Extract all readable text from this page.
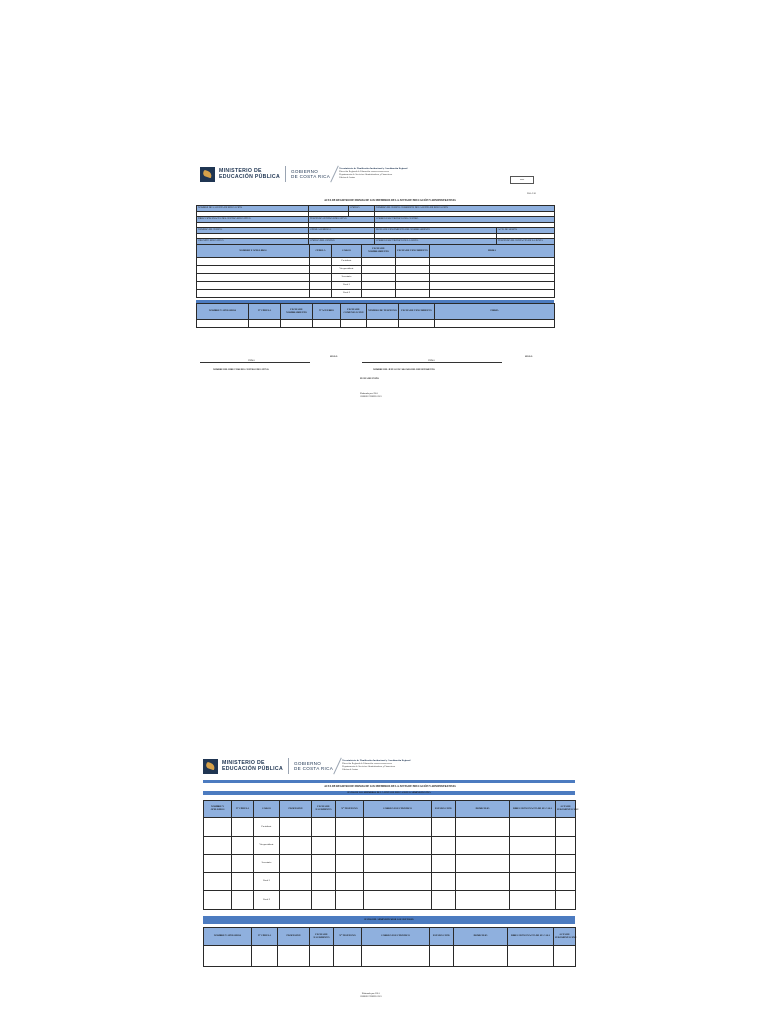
MINISTERIO DE
EDUCACIÓN PÚBLICA
GOBIERNO
DE COSTA RICA
Viceministerio de Planificación Institucional y Coordinación Regional
Dirección Regional de Educación xxxxxxxxxxxxxxxx
Departamento de Servicios Administrativos y Financieros
Oficina de Juntas
xxxx
DSA-F-01
ACTA DE REGISTRO DE FIRMAS DE LOS MIEMBROS DE LA JUNTA DE EDUCACIÓN Y ADMINISTRATIVAS
NOMBRE DE LA JUNTA DE EDUCACIÓN		CÓDIGO	NÚMERO DE CUENTA CORRIENTE DE LA JUNTA DE EDUCACIÓN	

DIRECCIÓN EXACTA DEL CENTRO EDUCATIVO	TELÉFONO CENTRO EDUCATIVO		CORREO ELECTRÓNICO DEL CENTRO	

NÚMERO DE CUENTA	CÉDULA JURÍDICA		FECHA DE VENCIMIENTO DEL NOMBRAMIENTO	ACTA DE SESIÓN

CIRCUITO EDUCATIVO	CÓDIGO DEL CENTRO		CORREO ELECTRÓNICO DE LA JUNTA	TELÉFONO DE CONTACTO DE LA JUNTA

NOMBRE Y APELLIDOS	CÉDULA	CARGO	FECHA DE NOMBRAMIENTO	FECHA DE VENCIMIENTO	FIRMA
		Presidente			
		Vicepresidente			
		Secretario			
		Vocal 1			
		Vocal 2			
NOMBRE Y APELLIDOS	Nº CÉDULA	FECHA DE NOMBRAMIENTO	Nº ACUERDO	FECHA DE COMUNICACIÓN	NÚMERO DE TELÉFONO	FECHA DE VENCIMIENTO	FIRMA

FIRMA
SELLO
NOMBRE DEL DIRECTOR DEL CENTRO EDUCATIVO
FIRMA
SELLO
NOMBRE DEL JEFE O ENCARGADO DEL DEPARTAMENTO
FECHA DE ENVÍO
Elaborado por: DSA
CORRECCIONES 2021
MINISTERIO DE
EDUCACIÓN PÚBLICA
GOBIERNO
DE COSTA RICA
Viceministerio de Planificación Institucional y Coordinación Regional
Dirección Regional de Educación xxxxxxxxxxxxxxxx
Departamento de Servicios Administrativos y Financieros
Oficina de Juntas
ACTA DE REGISTRO DE FIRMAS DE LOS MIEMBROS DE LA JUNTA DE EDUCACIÓN Y ADMINISTRATIVAS
DATOS DE LOS MIEMBROS DE LA JUNTA DE EDUCACIÓN O ADMINISTRATIVA
NOMBRE Y APELLIDOS	Nº CÉDULA	CARGO	PROFESIÓN	FECHA DE NACIMIENTO	Nº TELÉFONO	CORREO ELECTRÓNICO	ESTADO CIVIL	DOMICILIO	DIRECCIÓN EXACTA DE SU CASA	ACTA DE JURAMENTACIÓN
		Presidente								
		Vicepresidente								
		Secretario								
		Vocal 1								
		Vocal 2								
DATOS DEL ADMINISTRADOR O SECRETARIO
NOMBRE Y APELLIDOS	Nº CÉDULA	PROFESIÓN	FECHA DE NACIMIENTO	Nº TELÉFONO	CORREO ELECTRÓNICO	ESTADO CIVIL	DOMICILIO	DIRECCIÓN EXACTA DE SU CASA	ACTA DE JURAMENTACIÓN

Elaborado por: DSA
CORRECCIONES 2021
